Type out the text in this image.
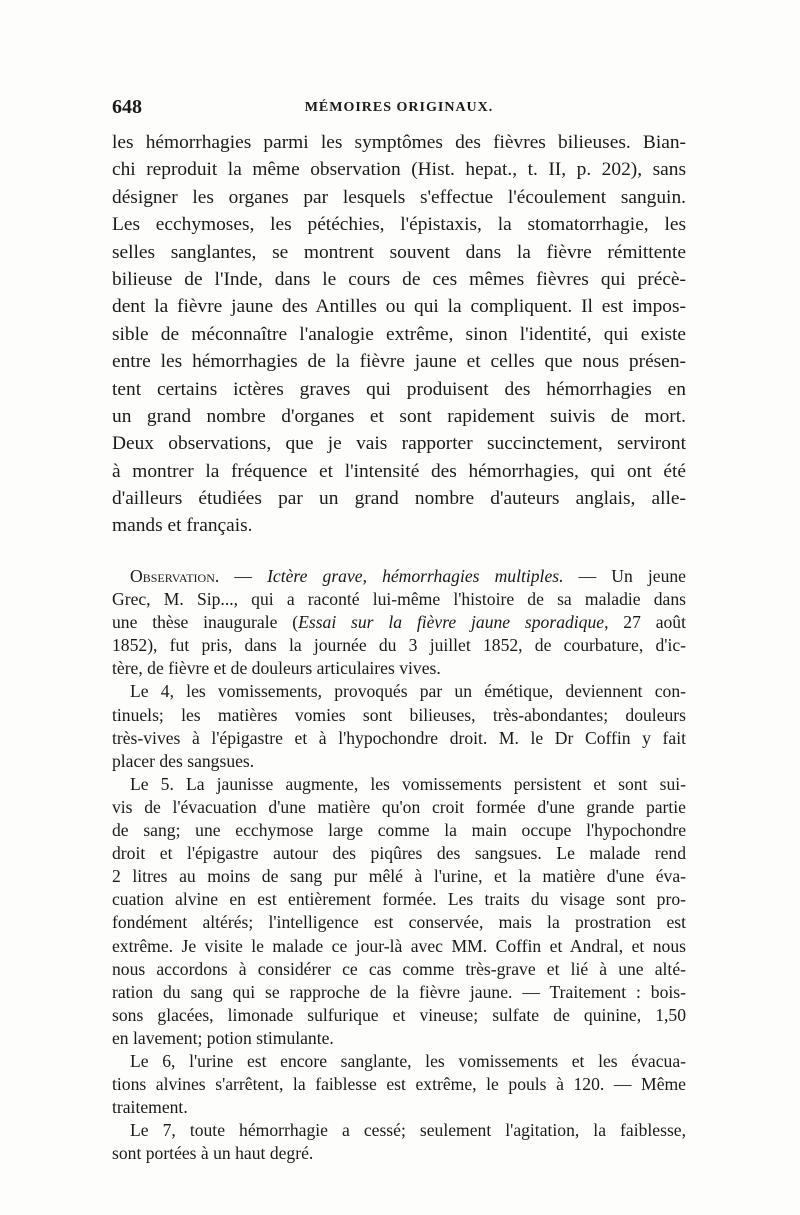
648	MÉMOIRES ORIGINAUX.
les hémorrhagies parmi les symptômes des fièvres bilieuses. Bian-
chi reproduit la même observation (Hist. hepat., t. II, p. 202), sans
désigner les organes par lesquels s'effectue l'écoulement sanguin.
Les ecchymoses, les pétéchies, l'épistaxis, la stomatorrhagie, les
selles sanglantes, se montrent souvent dans la fièvre rémittente
bilieuse de l'Inde, dans le cours de ces mêmes fièvres qui précè-
dent la fièvre jaune des Antilles ou qui la compliquent. Il est impos-
sible de méconnaître l'analogie extrême, sinon l'identité, qui existe
entre les hémorrhagies de la fièvre jaune et celles que nous présen-
tent certains ictères graves qui produisent des hémorrhagies en
un grand nombre d'organes et sont rapidement suivis de mort.
Deux observations, que je vais rapporter succinctement, serviront
à montrer la fréquence et l'intensité des hémorrhagies, qui ont été
d'ailleurs étudiées par un grand nombre d'auteurs anglais, alle-
mands et français.
Observation. — Ictère grave, hémorrhagies multiples. — Un jeune
Grec, M. Sip..., qui a raconté lui-même l'histoire de sa maladie dans
une thèse inaugurale (Essai sur la fièvre jaune sporadique, 27 août
1852), fut pris, dans la journée du 3 juillet 1852, de courbature, d'ic-
tère, de fièvre et de douleurs articulaires vives.
Le 4, les vomissements, provoqués par un émétique, deviennent con-
tinuels; les matières vomies sont bilieuses, très-abondantes; douleurs
très-vives à l'épigastre et à l'hypochondre droit. M. le Dr Coffin y fait
placer des sangsues.
Le 5. La jaunisse augmente, les vomissements persistent et sont sui-
vis de l'évacuation d'une matière qu'on croit formée d'une grande partie
de sang; une ecchymose large comme la main occupe l'hypochondre
droit et l'épigastre autour des piqûres des sangsues. Le malade rend
2 litres au moins de sang pur mêlé à l'urine, et la matière d'une éva-
cuation alvine en est entièrement formée. Les traits du visage sont pro-
fondément altérés; l'intelligence est conservée, mais la prostration est
extrême. Je visite le malade ce jour-là avec MM. Coffin et Andral, et nous
nous accordons à considérer ce cas comme très-grave et lié à une alté-
ration du sang qui se rapproche de la fièvre jaune. — Traitement : bois-
sons glacées, limonade sulfurique et vineuse; sulfate de quinine, 1,50
en lavement; potion stimulante.
Le 6, l'urine est encore sanglante, les vomissements et les évacua-
tions alvines s'arrêtent, la faiblesse est extrême, le pouls à 120. — Même
traitement.
Le 7, toute hémorrhagie a cessé; seulement l'agitation, la faiblesse,
sont portées à un haut degré.
